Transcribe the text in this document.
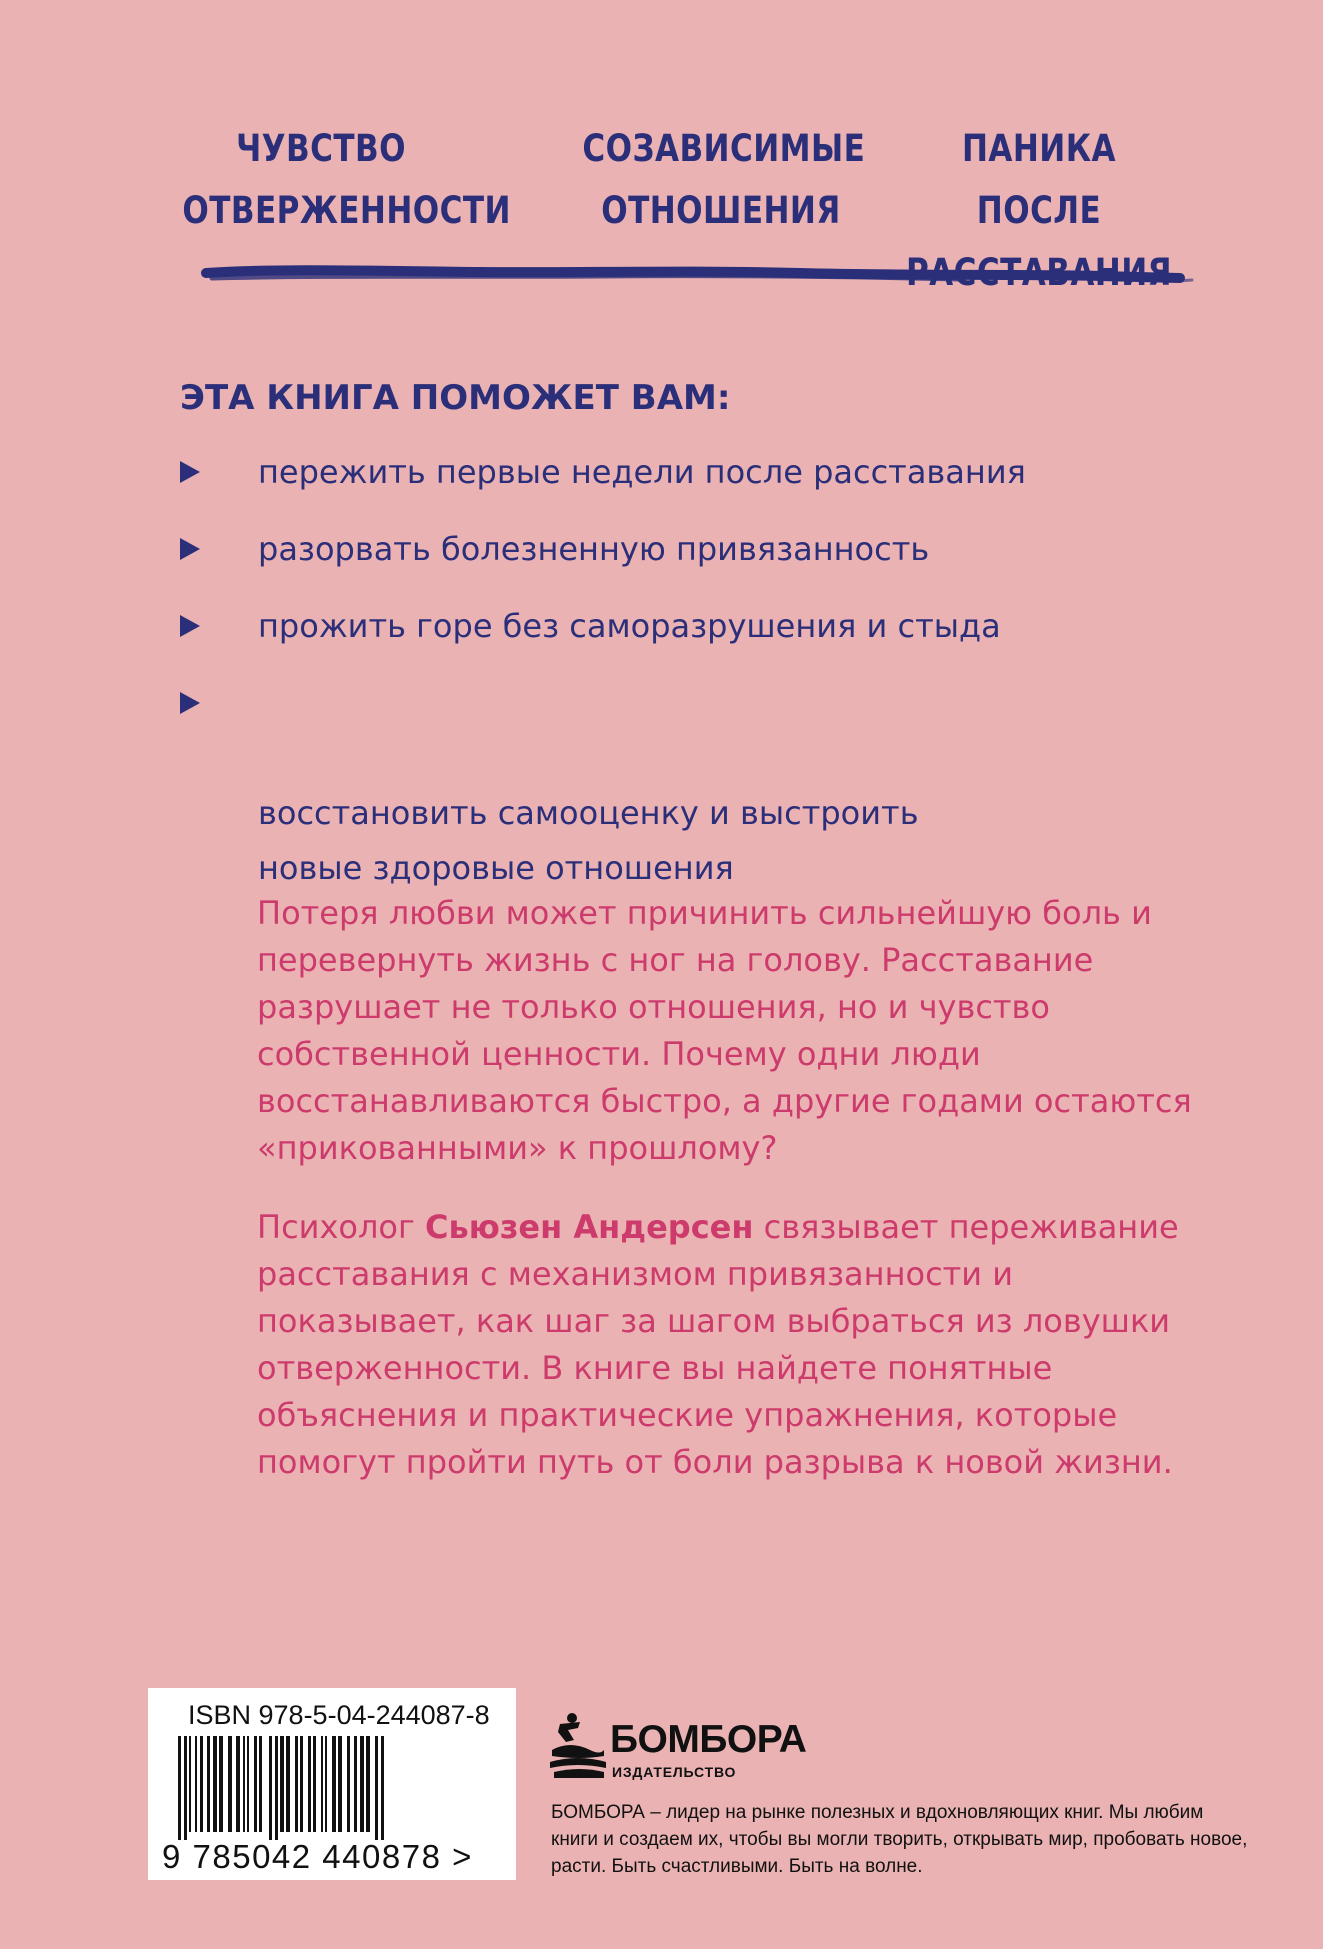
ЧУВСТВО
ОТВЕРЖЕННОСТИ
СОЗАВИСИМЫЕ
ОТНОШЕНИЯ
ПАНИКА ПОСЛЕ
РАССТАВАНИЯ
ЭТА КНИГА ПОМОЖЕТ ВАМ:
пережить первые недели после расставания
разорвать болезненную привязанность
прожить горе без саморазрушения и стыда

восстановить самооценку и выстроить
новые здоровые отношения

Потеря любви может причинить сильнейшую боль и перевернуть жизнь с ног на голову. Расставание разрушает не только отношения, но и чувство собственной ценности. Почему одни люди восстанавливаются быстро, а другие годами остаются «прикованными» к прошлому?

Психолог Сьюзен Андерсен связывает переживание расставания с механизмом привязанности и показывает, как шаг за шагом выбраться из ловушки отверженности. В книге вы найдете понятные объяснения и практические упражнения, которые помогут пройти путь от боли разрыва к новой жизни.

ISBN 978-5-04-244087-8
9 785042 440878 >
БОМБОРА
ИЗДАТЕЛЬСТВО
БОМБОРА – лидер на рынке полезных и вдохновляющих книг. Мы любим книги и создаем их, чтобы вы могли творить, открывать мир, пробовать новое, расти. Быть счастливыми. Быть на волне.
